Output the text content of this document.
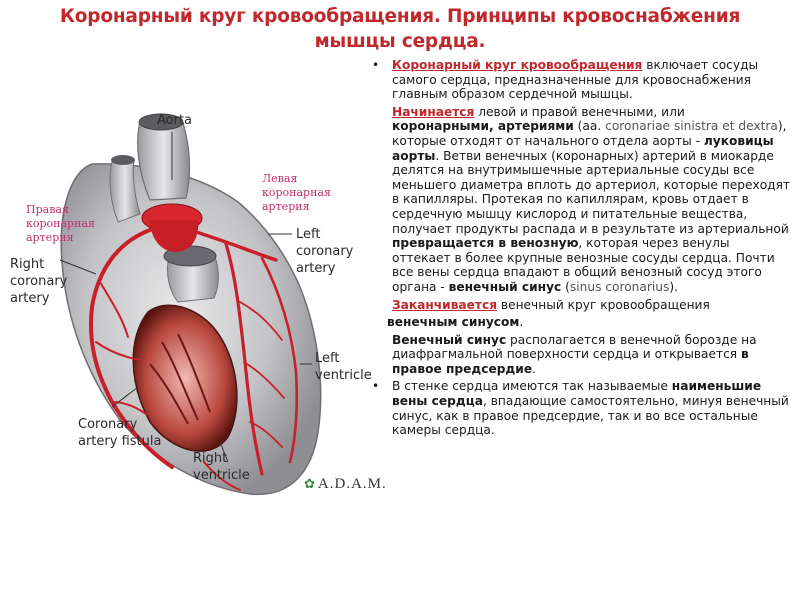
Коронарный круг кровообращения. Принципы кровоснабжения
мышцы сердца.
Aorta
Left
coronary
artery
Right
coronary
artery
Left
ventricle
Coronary
artery fistula
Right
ventricle
Левая
коронарная
артерия
Правая
коронарная
артерия
✿ A.D.A.M.

• Коронарный круг кровообращения включает сосуды самого сердца, предназначенные для кровоснабжения главным образом сердечной мышцы.

Начинается левой и правой венечными, или коронарными, артериями (аа. coronariae sinistra et dextra), которые отходят от начального отдела аорты - луковицы аорты. Ветви венечных (коронарных) артерий в миокарде делятся на внутримышечные артериальные сосуды все меньшего диаметра вплоть до артериол, которые переходят в капилляры. Протекая по капиллярам, кровь отдает в сердечную мышцу кислород и питательные вещества, получает продукты распада и в результате из артериальной превращается в венозную, которая через венулы оттекает в более крупные венозные сосуды сердца. Почти все вены сердца впадают в общий венозный сосуд этого органа - венечный синус (sinus coronarius).

Заканчивается венечный круг кровообращения

венечным синусом.

Венечный синус располагается в венечной борозде на диафрагмальной поверхности сердца и открывается в правое предсердие.

• В стенке сердца имеются так называемые наименьшие вены сердца, впадающие самостоятельно, минуя венечный синус, как в правое предсердие, так и во все остальные камеры сердца.
